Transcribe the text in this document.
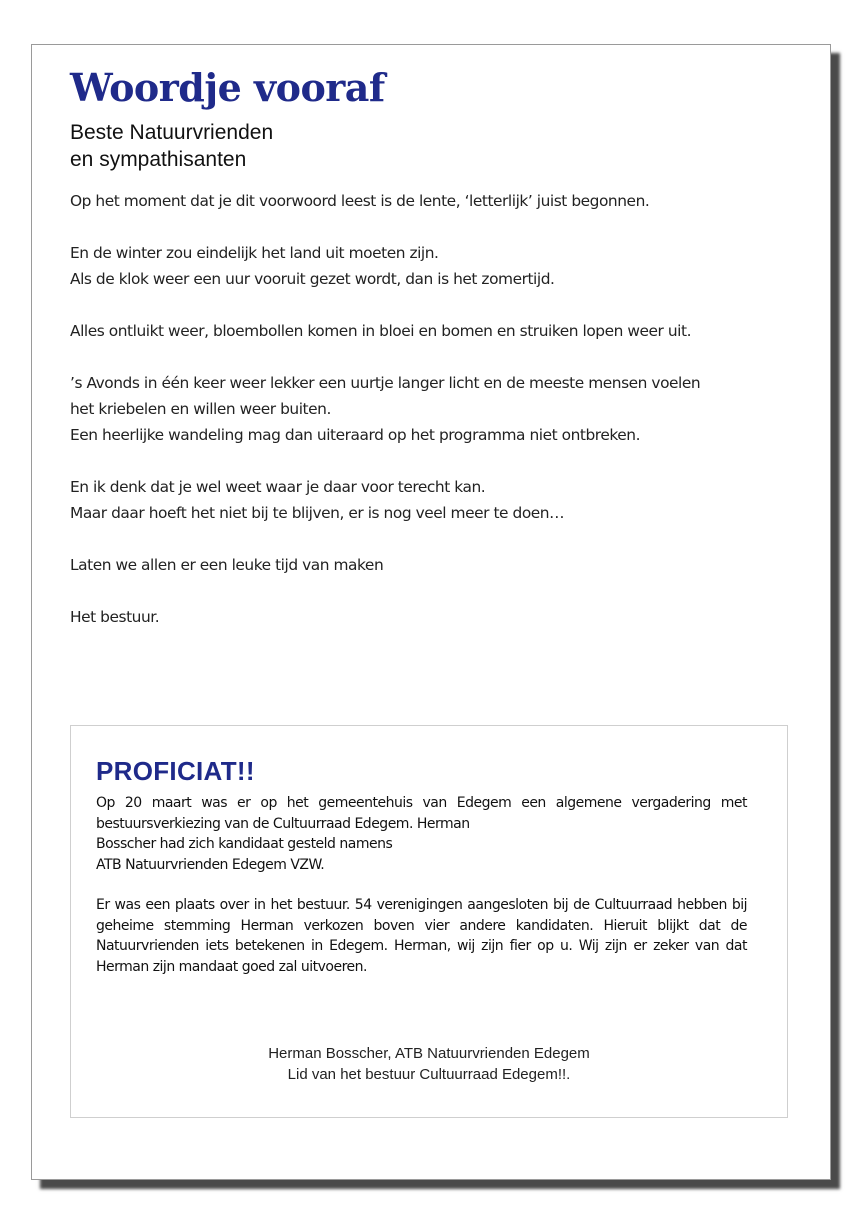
Woordje vooraf
Beste Natuurvrienden
en sympathisanten

Op het moment dat je dit voorwoord leest is de lente, ‘letterlijk’ juist begonnen.

En de winter zou eindelijk het land uit moeten zijn.
Als de klok weer een uur vooruit gezet wordt, dan is het zomertijd.

Alles ontluikt weer, bloembollen komen in bloei en bomen en struiken lopen weer uit.

’s Avonds in één keer weer lekker een uurtje langer licht en de meeste mensen voelen
het kriebelen en willen weer buiten.
Een heerlijke wandeling mag dan uiteraard op het programma niet ontbreken.

En ik denk dat je wel weet waar je daar voor terecht kan.
Maar daar hoeft het niet bij te blijven, er is nog veel meer te doen…

Laten we allen er een leuke tijd van maken

Het bestuur.

PROFICIAT!!

Op 20 maart was er op het gemeentehuis van Edegem een algemene vergadering met bestuursverkiezing van de Cultuurraad Edegem. Herman
Bosscher had zich kandidaat gesteld namens
ATB Natuurvrienden Edegem VZW.

Er was een plaats over in het bestuur. 54 verenigingen aangesloten bij de Cultuurraad hebben bij geheime stemming Herman verkozen boven vier andere kandidaten. Hieruit blijkt dat de Natuurvrienden iets betekenen in Edegem. Herman, wij zijn fier op u. Wij zijn er zeker van dat Herman zijn mandaat goed zal uitvoeren.

Herman Bosscher, ATB Natuurvrienden Edegem
Lid van het bestuur Cultuurraad Edegem!!.
